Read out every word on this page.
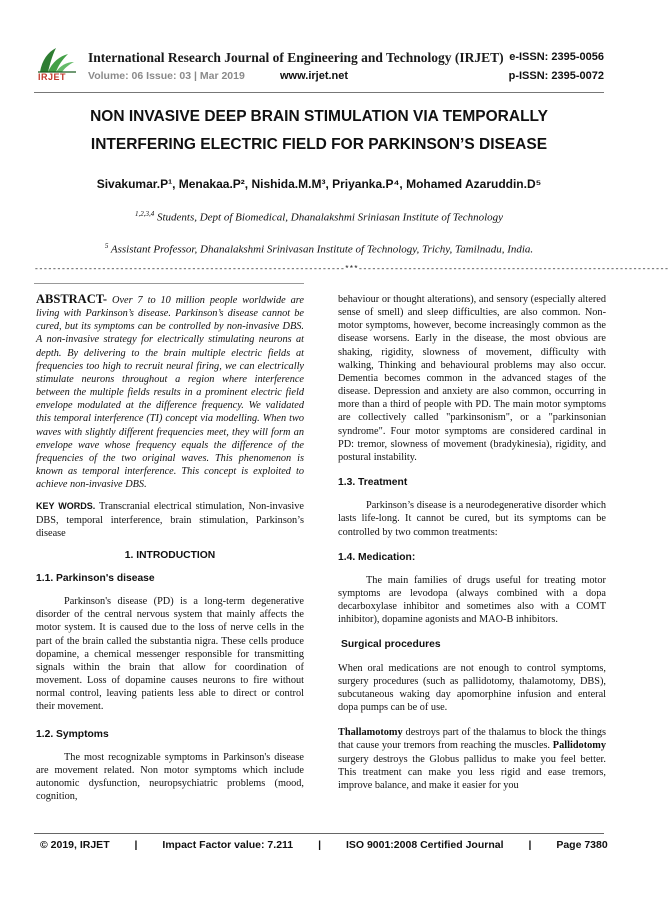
IRJET
International Research Journal of Engineering and Technology (IRJET) e-ISSN: 2395-0056
Volume: 06 Issue: 03 | Mar 2019	www.irjet.net	p-ISSN: 2395-0072
NON INVASIVE DEEP BRAIN STIMULATION VIA TEMPORALLY
INTERFERING ELECTRIC FIELD FOR PARKINSON’S DISEASE
Sivakumar.P¹, Menakaa.P², Nishida.M.M³, Priyanka.P⁴, Mohamed Azaruddin.D⁵
$^{1,2,3,4}$ Students, Dept of Biomedical, Dhanalakshmi Sriniasan Institute of Technology
$^5$ Assistant Professor, Dhanalakshmi Srinivasan Institute of Technology, Trichy, Tamilnadu, India.
---------------------------------------------------------------------***---------------------------------------------------------------------

ABSTRACT- Over 7 to 10 million people worldwide are living with Parkinson’s disease. Parkinson’s disease cannot be cured, but its symptoms can be controlled by non-invasive DBS. A non-invasive strategy for electrically stimulating neurons at depth. By delivering to the brain multiple electric fields at frequencies too high to recruit neural firing, we can electrically stimulate neurons throughout a region where interference between the multiple fields results in a prominent electric field envelope modulated at the difference frequency. We validated this temporal interference (TI) concept via modelling. When two waves with slightly different frequencies meet, they will form an envelope wave whose frequency equals the difference of the frequencies of the two original waves. This phenomenon is known as temporal interference. This concept is exploited to achieve non-invasive DBS.

KEY WORDS. Transcranial electrical stimulation, Non-invasive DBS, temporal interference, brain stimulation, Parkinson’s disease

1. INTRODUCTION
1.1. Parkinson's disease

Parkinson's disease (PD) is a long-term degenerative disorder of the central nervous system that mainly affects the motor system. It is caused due to the loss of nerve cells in the part of the brain called the substantia nigra. These cells produce dopamine, a chemical messenger responsible for transmitting signals within the brain that allow for coordination of movement. Loss of dopamine causes neurons to fire without normal control, leaving patients less able to direct or control their movement.

1.2. Symptoms

The most recognizable symptoms in Parkinson's disease are movement related. Non motor symptoms which include autonomic dysfunction, neuropsychiatric problems (mood, cognition,

behaviour or thought alterations), and sensory (especially altered sense of smell) and sleep difficulties, are also common. Non-motor symptoms, however, become increasingly common as the disease worsens. Early in the disease, the most obvious are shaking, rigidity, slowness of movement, difficulty with walking, Thinking and behavioural problems may also occur. Dementia becomes common in the advanced stages of the disease. Depression and anxiety are also common, occurring in more than a third of people with PD. The main motor symptoms are collectively called "parkinsonism", or a "parkinsonian syndrome". Four motor symptoms are considered cardinal in PD: tremor, slowness of movement (bradykinesia), rigidity, and postural instability.

1.3. Treatment

Parkinson’s disease is a neurodegenerative disorder which lasts life-long. It cannot be cured, but its symptoms can be controlled by two common treatments:

1.4. Medication:

The main families of drugs useful for treating motor symptoms are levodopa (always combined with a dopa decarboxylase inhibitor and sometimes also with a COMT inhibitor), dopamine agonists and MAO-B inhibitors.

Surgical procedures

When oral medications are not enough to control symptoms, surgery procedures (such as pallidotomy, thalamotomy, DBS), subcutaneous waking day apomorphine infusion and enteral dopa pumps can be of use.

Thallamotomy destroys part of the thalamus to block the things that cause your tremors from reaching the muscles. Pallidotomy surgery destroys the Globus pallidus to make you feel better. This treatment can make you less rigid and ease tremors, improve balance, and make it easier for you

© 2019, IRJET | Impact Factor value: 7.211 | ISO 9001:2008 Certified Journal | Page 7380
